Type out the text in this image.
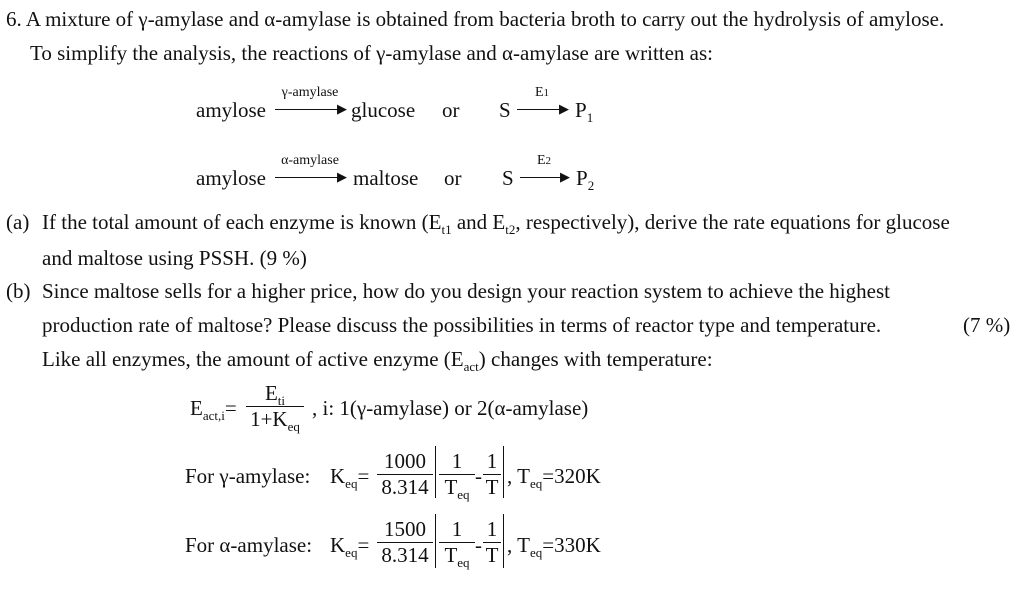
6. A mixture of γ-amylase and α-amylase is obtained from bacteria broth to carry out the hydrolysis of amylose.
To simplify the analysis, the reactions of γ-amylase and α-amylase are written as:
amylose
γ-amylase
▶ glucose or S
E1
▶ $P_1$
amylose
α-amylase
▶ maltose or S
E2
▶ $P_2$
(a) If the total amount of each enzyme is known ($E_{t1}$ and $E_{t2}$, respectively), derive the rate equations for glucose
and maltose using PSSH. (9 %)
(b) Since maltose sells for a higher price, how do you design your reaction system to achieve the highest
production rate of maltose? Please discuss the possibilities in terms of reactor type and temperature.	(7 %)
Like all enzymes, the amount of active enzyme $(E_{act})$ changes with temperature:
$E_{act,i}=$
$E_{ti}$
$1+K_{eq}$
, i: 1(γ-amylase) or 2(α-amylase)
For γ-amylase: $K_{eq}= \frac{1000}{8.314} 1$
$T_{eq}$
- $\frac{1}{T}$ , $T_{eq}=320K$
For α-amylase: $K_{eq}= \frac{1500}{8.314} 1$
$T_{eq}$
- $\frac{1}{T}$ , $T_{eq}=330K$
